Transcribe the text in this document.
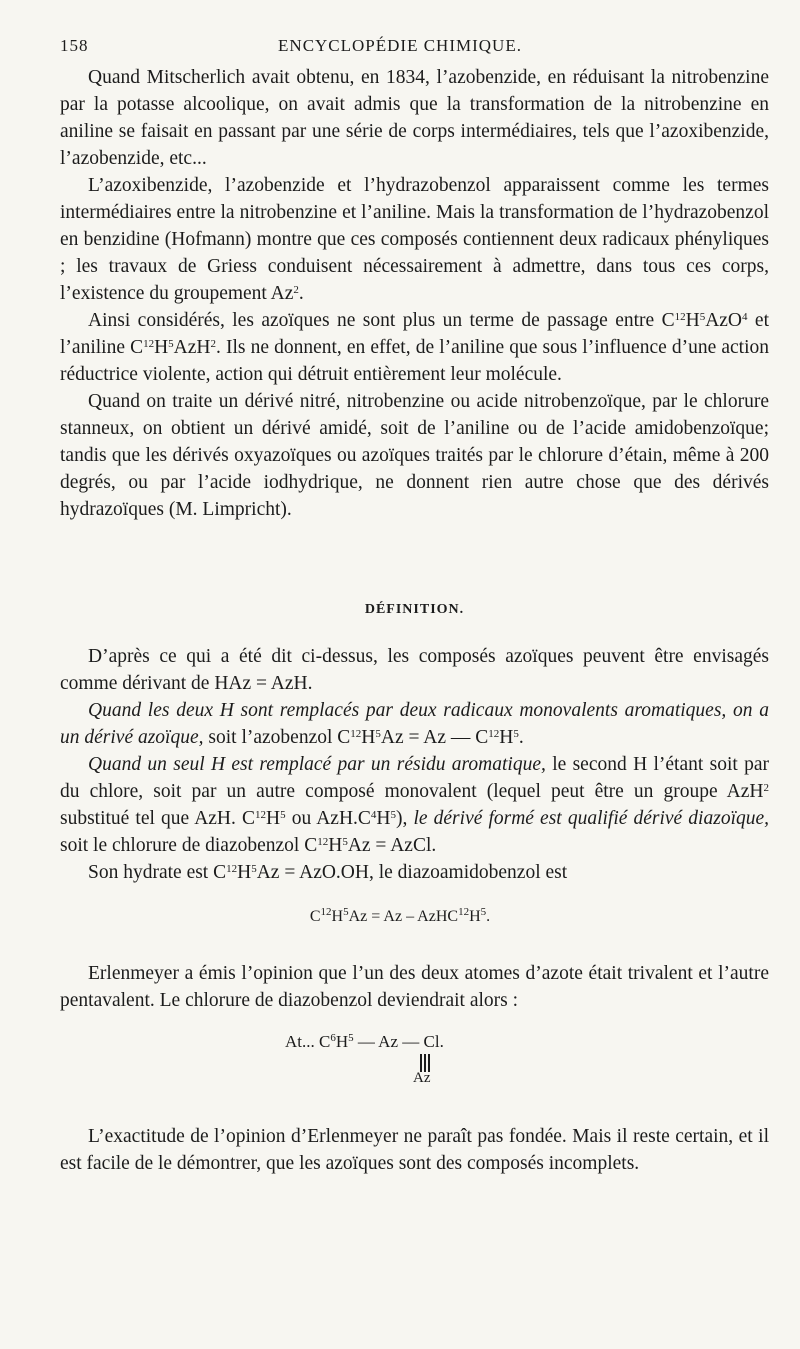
158	ENCYCLOPÉDIE CHIMIQUE.

Quand Mitscherlich avait obtenu, en 1834, l’azobenzide, en réduisant la nitrobenzine par la potasse alcoolique, on avait admis que la transformation de la nitrobenzine en aniline se faisait en passant par une série de corps intermédiaires, tels que l’azoxibenzide, l’azobenzide, etc...

L’azoxibenzide, l’azobenzide et l’hydrazobenzol apparaissent comme les termes intermédiaires entre la nitrobenzine et l’aniline. Mais la transformation de l’hydrazobenzol en benzidine (Hofmann) montre que ces composés contiennent deux radicaux phényliques ; les travaux de Griess conduisent nécessairement à admettre, dans tous ces corps, l’existence du groupement Az$^2$.

Ainsi considérés, les azoïques ne sont plus un terme de passage entre $C^{12}H^5AzO^4$ et l’aniline $C^{12}H^5AzH^2$. Ils ne donnent, en effet, de l’aniline que sous l’influence d’une action réductrice violente, action qui détruit entièrement leur molécule.

Quand on traite un dérivé nitré, nitrobenzine ou acide nitrobenzoïque, par le chlorure stanneux, on obtient un dérivé amidé, soit de l’aniline ou de l’acide amidobenzoïque; tandis que les dérivés oxyazoïques ou azoïques traités par le chlorure d’étain, même à 200 degrés, ou par l’acide iodhydrique, ne donnent rien autre chose que des dérivés hydrazoïques (M. Limpricht).

DÉFINITION.

D’après ce qui a été dit ci-dessus, les composés azoïques peuvent être envisagés comme dérivant de HAz = AzH.

Quand les deux H sont remplacés par deux radicaux monovalents aromatiques, on a un dérivé azoïque, soit l’azobenzol $C^{12}H^5Az = Az$ — $C^{12}H^5$.

Quand un seul H est remplacé par un résidu aromatique, le second H l’étant soit par du chlore, soit par un autre composé monovalent (lequel peut être un groupe AzH$^2$ substitué tel que AzH. $C^{12}H^5$ ou $AzH.C^4H^5$), le dérivé formé est qualifié dérivé diazoïque, soit le chlorure de diazobenzol $C^{12}H^5Az$ = AzCl.

Son hydrate est $C^{12}H^5Az = AzO.OH$, le diazoamidobenzol est

$C^{12}H^5Az = Az$ – $AzHC^{12}H^5$.

Erlenmeyer a émis l’opinion que l’un des deux atomes d’azote était trivalent et l’autre pentavalent. Le chlorure de diazobenzol deviendrait alors :

At... $C^6H^5$ — Az — Cl.
Az

L’exactitude de l’opinion d’Erlenmeyer ne paraît pas fondée. Mais il reste certain, et il est facile de le démontrer, que les azoïques sont des composés incomplets.
